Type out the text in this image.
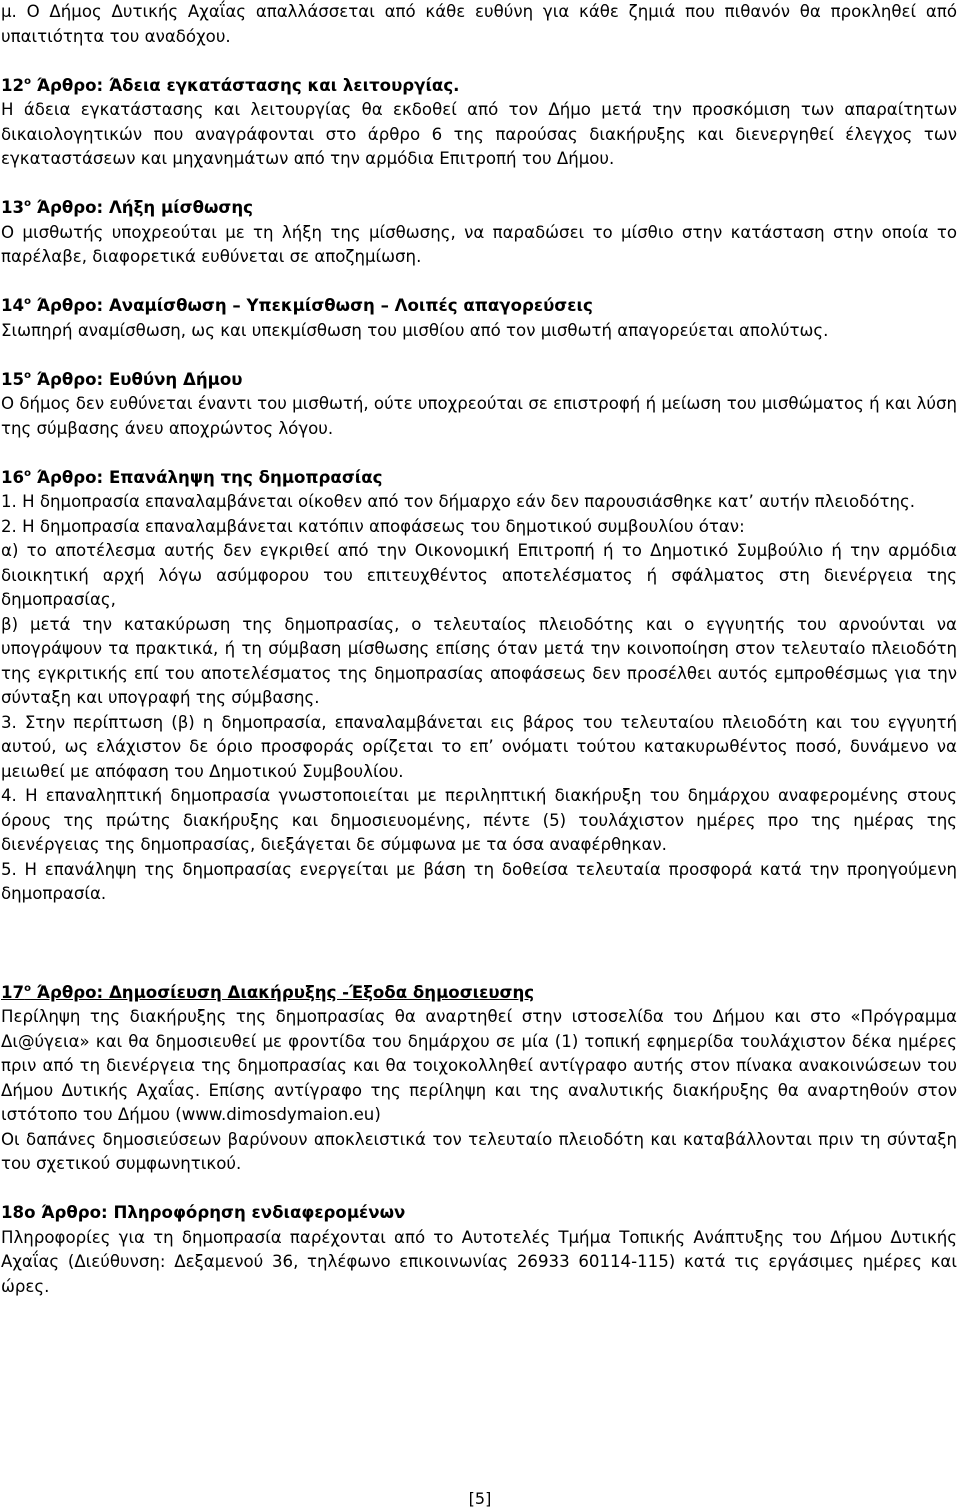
μ. Ο Δήμος Δυτικής Αχαΐας απαλλάσσεται από κάθε ευθύνη για κάθε ζημιά που πιθανόν θα προκληθεί από υπαιτιότητα του αναδόχου.

$12^o$ Άρθρο: Άδεια εγκατάστασης και λειτουργίας.

Η άδεια εγκατάστασης και λειτουργίας θα εκδοθεί από τον Δήμο μετά την προσκόμιση των απαραίτητων δικαιολογητικών που αναγράφονται στο άρθρο 6 της παρούσας διακήρυξης και διενεργηθεί έλεγχος των εγκαταστάσεων και μηχανημάτων από την αρμόδια Επιτροπή του Δήμου.

$13^o$ Άρθρο: Λήξη μίσθωσης

Ο μισθωτής υποχρεούται με τη λήξη της μίσθωσης, να παραδώσει το μίσθιο στην κατάσταση στην οποία το παρέλαβε, διαφορετικά ευθύνεται σε αποζημίωση.

$14^o$ Άρθρο: Αναμίσθωση – Υπεκμίσθωση – Λοιπές απαγορεύσεις

Σιωπηρή αναμίσθωση, ως και υπεκμίσθωση του μισθίου από τον μισθωτή απαγορεύεται απολύτως.

$15^o$ Άρθρο: Ευθύνη Δήμου

Ο δήμος δεν ευθύνεται έναντι του μισθωτή, ούτε υποχρεούται σε επιστροφή ή μείωση του μισθώματος ή και λύση της σύμβασης άνευ αποχρώντος λόγου.

$16^o$ Άρθρο: Επανάληψη της δημοπρασίας

1. Η δημοπρασία επαναλαμβάνεται οίκοθεν από τον δήμαρχο εάν δεν παρουσιάσθηκε κατ’ αυτήν πλειοδότης.

2. Η δημοπρασία επαναλαμβάνεται κατόπιν αποφάσεως του δημοτικού συμβουλίου όταν:

α) το αποτέλεσμα αυτής δεν εγκριθεί από την Οικονομική Επιτροπή ή το Δημοτικό Συμβούλιο ή την αρμόδια διοικητική αρχή λόγω ασύμφορου του επιτευχθέντος αποτελέσματος ή σφάλματος στη διενέργεια της δημοπρασίας,

β) μετά την κατακύρωση της δημοπρασίας, ο τελευταίος πλειοδότης και ο εγγυητής του αρνούνται να υπογράψουν τα πρακτικά, ή τη σύμβαση μίσθωσης επίσης όταν μετά την κοινοποίηση στον τελευταίο πλειοδότη της εγκριτικής επί του αποτελέσματος της δημοπρασίας αποφάσεως δεν προσέλθει αυτός εμπροθέσμως για την σύνταξη και υπογραφή της σύμβασης.

3. Στην περίπτωση (β) η δημοπρασία, επαναλαμβάνεται εις βάρος του τελευταίου πλειοδότη και του εγγυητή αυτού, ως ελάχιστον δε όριο προσφοράς ορίζεται το επ’ ονόματι τούτου κατακυρωθέντος ποσό, δυνάμενο να μειωθεί με απόφαση του Δημοτικού Συμβουλίου.

4. Η επαναληπτική δημοπρασία γνωστοποιείται με περιληπτική διακήρυξη του δημάρχου αναφερομένης στους όρους της πρώτης διακήρυξης και δημοσιευομένης, πέντε (5) τουλάχιστον ημέρες προ της ημέρας της διενέργειας της δημοπρασίας, διεξάγεται δε σύμφωνα με τα όσα αναφέρθηκαν.

5. Η επανάληψη της δημοπρασίας ενεργείται με βάση τη δοθείσα τελευταία προσφορά κατά την προηγούμενη δημοπρασία.

$17^o$ Άρθρο: Δημοσίευση Διακήρυξης -Έξοδα δημοσιευσης

Περίληψη της διακήρυξης της δημοπρασίας θα αναρτηθεί στην ιστοσελίδα του Δήμου και στο «Πρόγραμμα Δι@ύγεια» και θα δημοσιευθεί με φροντίδα του δημάρχου σε μία (1) τοπική εφημερίδα τουλάχιστον δέκα ημέρες πριν από τη διενέργεια της δημοπρασίας και θα τοιχοκολληθεί αντίγραφο αυτής στον πίνακα ανακοινώσεων του Δήμου Δυτικής Αχαΐας. Επίσης αντίγραφο της περίληψη και της αναλυτικής διακήρυξης θα αναρτηθούν στον ιστότοπο του Δήμου (www.dimosdymaion.eu)

Οι δαπάνες δημοσιεύσεων βαρύνουν αποκλειστικά τον τελευταίο πλειοδότη και καταβάλλονται πριν τη σύνταξη του σχετικού συμφωνητικού.

18ο Άρθρο: Πληροφόρηση ενδιαφερομένων

Πληροφορίες για τη δημοπρασία παρέχονται από το Αυτοτελές Τμήμα Τοπικής Ανάπτυξης του Δήμου Δυτικής Αχαΐας (Διεύθυνση: Δεξαμενού 36, τηλέφωνο επικοινωνίας 26933 60114-115) κατά τις εργάσιμες ημέρες και ώρες.

[5]
